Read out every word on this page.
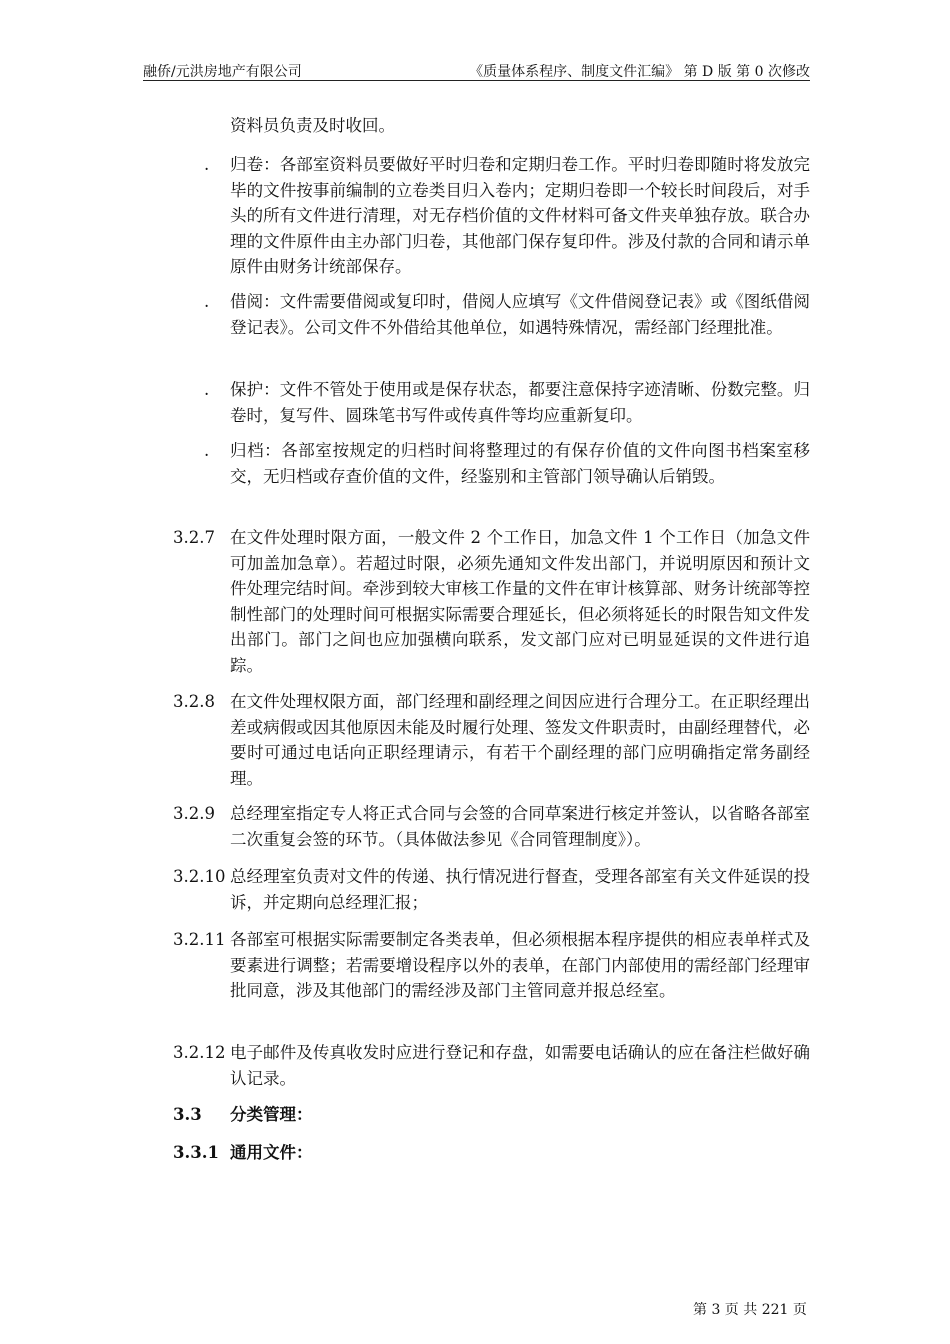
融侨/元洪房地产有限公司	《质量体系程序、制度文件汇编》 第 D 版 第 0 次修改
资料员负责及时收回。
. 归卷：各部室资料员要做好平时归卷和定期归卷工作。平时归卷即随时将发放完毕的文件按事前编制的立卷类目归入卷内；定期归卷即一个较长时间段后，对手头的所有文件进行清理，对无存档价值的文件材料可备文件夹单独存放。联合办理的文件原件由主办部门归卷，其他部门保存复印件。涉及付款的合同和请示单原件由财务计统部保存。
. 借阅：文件需要借阅或复印时，借阅人应填写《文件借阅登记表》或《图纸借阅登记表》。公司文件不外借给其他单位，如遇特殊情况，需经部门经理批准。
. 保护：文件不管处于使用或是保存状态，都要注意保持字迹清晰、份数完整。归卷时，复写件、圆珠笔书写件或传真件等均应重新复印。
. 归档：各部室按规定的归档时间将整理过的有保存价值的文件向图书档案室移交，无归档或存查价值的文件，经鉴别和主管部门领导确认后销毁。
3.2.7 在文件处理时限方面，一般文件 2 个工作日，加急文件 1 个工作日（加急文件可加盖加急章）。若超过时限，必须先通知文件发出部门，并说明原因和预计文件处理完结时间。牵涉到较大审核工作量的文件在审计核算部、财务计统部等控制性部门的处理时间可根据实际需要合理延长，但必须将延长的时限告知文件发出部门。部门之间也应加强横向联系，发文部门应对已明显延误的文件进行追踪。
3.2.8 在文件处理权限方面，部门经理和副经理之间因应进行合理分工。在正职经理出差或病假或因其他原因未能及时履行处理、签发文件职责时，由副经理替代，必要时可通过电话向正职经理请示，有若干个副经理的部门应明确指定常务副经理。
3.2.9 总经理室指定专人将正式合同与会签的合同草案进行核定并签认，以省略各部室二次重复会签的环节。（具体做法参见《合同管理制度》）。
3.2.10 总经理室负责对文件的传递、执行情况进行督查，受理各部室有关文件延误的投诉，并定期向总经理汇报；
3.2.11 各部室可根据实际需要制定各类表单，但必须根据本程序提供的相应表单样式及要素进行调整；若需要增设程序以外的表单，在部门内部使用的需经部门经理审批同意，涉及其他部门的需经涉及部门主管同意并报总经室。
3.2.12 电子邮件及传真收发时应进行登记和存盘，如需要电话确认的应在备注栏做好确认记录。
3.3 分类管理：
3.3.1 通用文件：
第 3 页 共 221 页
